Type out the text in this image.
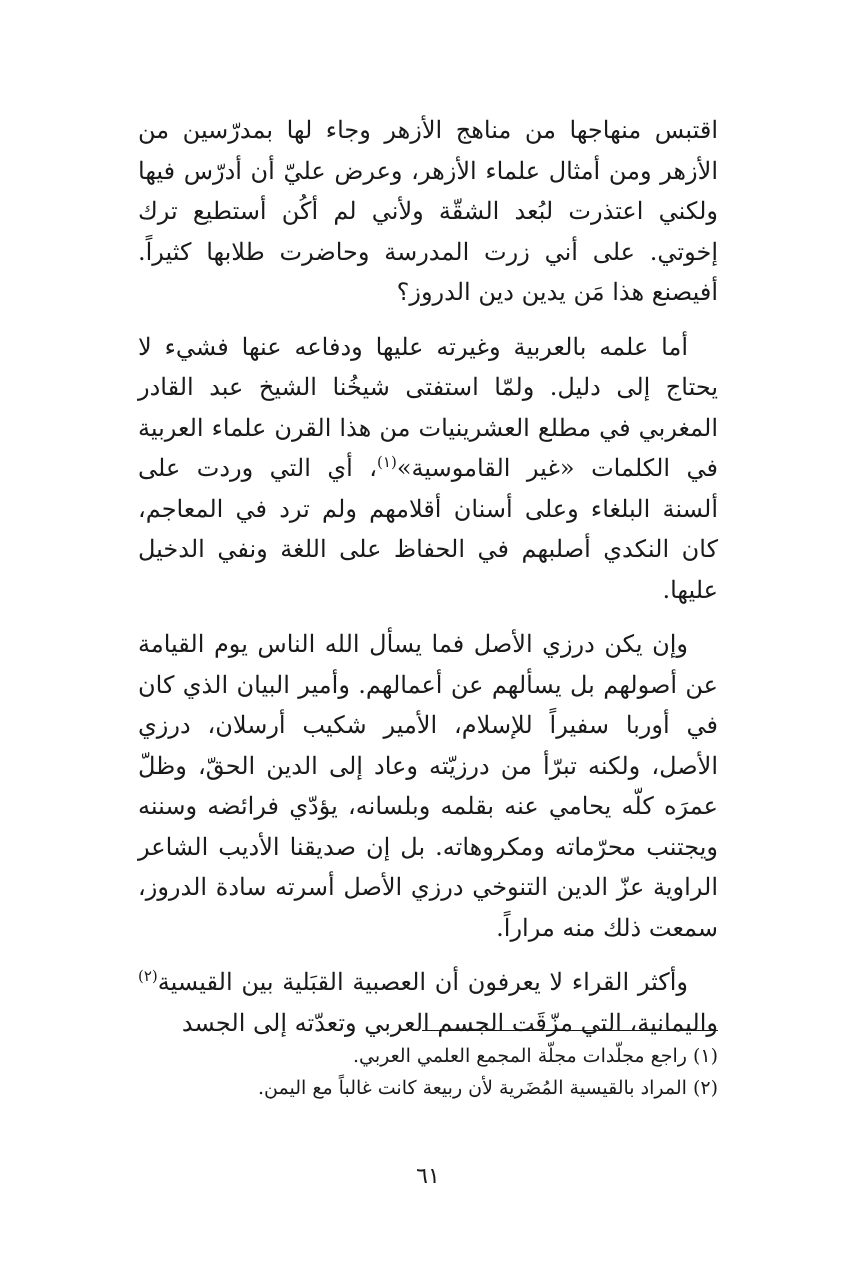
اقتبس منهاجها من مناهج الأزهر وجاء لها بمدرّسين من الأزهر ومن أمثال علماء الأزهر، وعرض عليّ أن أدرّس فيها ولكني اعتذرت لبُعد الشقّة ولأني لم أكُن أستطيع ترك إخوتي. على أني زرت المدرسة وحاضرت طلابها كثيراً. أفيصنع هذا مَن يدين دين الدروز؟

أما علمه بالعربية وغيرته عليها ودفاعه عنها فشيء لا يحتاج إلى دليل. ولمّا استفتى شيخُنا الشيخ عبد القادر المغربي في مطلع العشرينيات من هذا القرن علماء العربية في الكلمات «غير القاموسية»$^{(١)}$، أي التي وردت على ألسنة البلغاء وعلى أسنان أقلامهم ولم ترد في المعاجم، كان النكدي أصلبهم في الحفاظ على اللغة ونفي الدخيل عليها.

وإن يكن درزي الأصل فما يسأل الله الناس يوم القيامة عن أصولهم بل يسألهم عن أعمالهم. وأمير البيان الذي كان في أوربا سفيراً للإسلام، الأمير شكيب أرسلان، درزي الأصل، ولكنه تبرّأ من درزيّته وعاد إلى الدين الحقّ، وظلّ عمرَه كلّه يحامي عنه بقلمه وبلسانه، يؤدّي فرائضه وسننه ويجتنب محرّماته ومكروهاته. بل إن صديقنا الأديب الشاعر الراوية عزّ الدين التنوخي درزي الأصل أسرته سادة الدروز، سمعت ذلك منه مراراً.

وأكثر القراء لا يعرفون أن العصبية القبَلية بين القيسية$^{(٢)}$ واليمانية، التي مزّقَت الجسم العربي وتعدّته إلى الجسد

(١) راجع مجلّدات مجلّة المجمع العلمي العربي.

(٢) المراد بالقيسية المُضَرية لأن ربيعة كانت غالباً مع اليمن.

٦١
